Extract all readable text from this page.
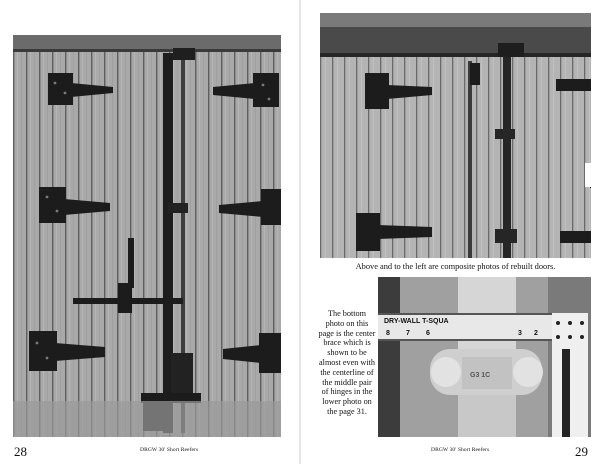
Above and to the left are composite photos of rebuilt doors.
The bottom photo on this page is the center brace which is shown to be almost even with the centerline of the middle pair of hinges in the lower photo on the page 31.
DRY-WALL T-SQUA
8 7 6	3 2
G3 1C
28	DRGW 30' Short Reefers	DRGW 30' Short Reefers	29
